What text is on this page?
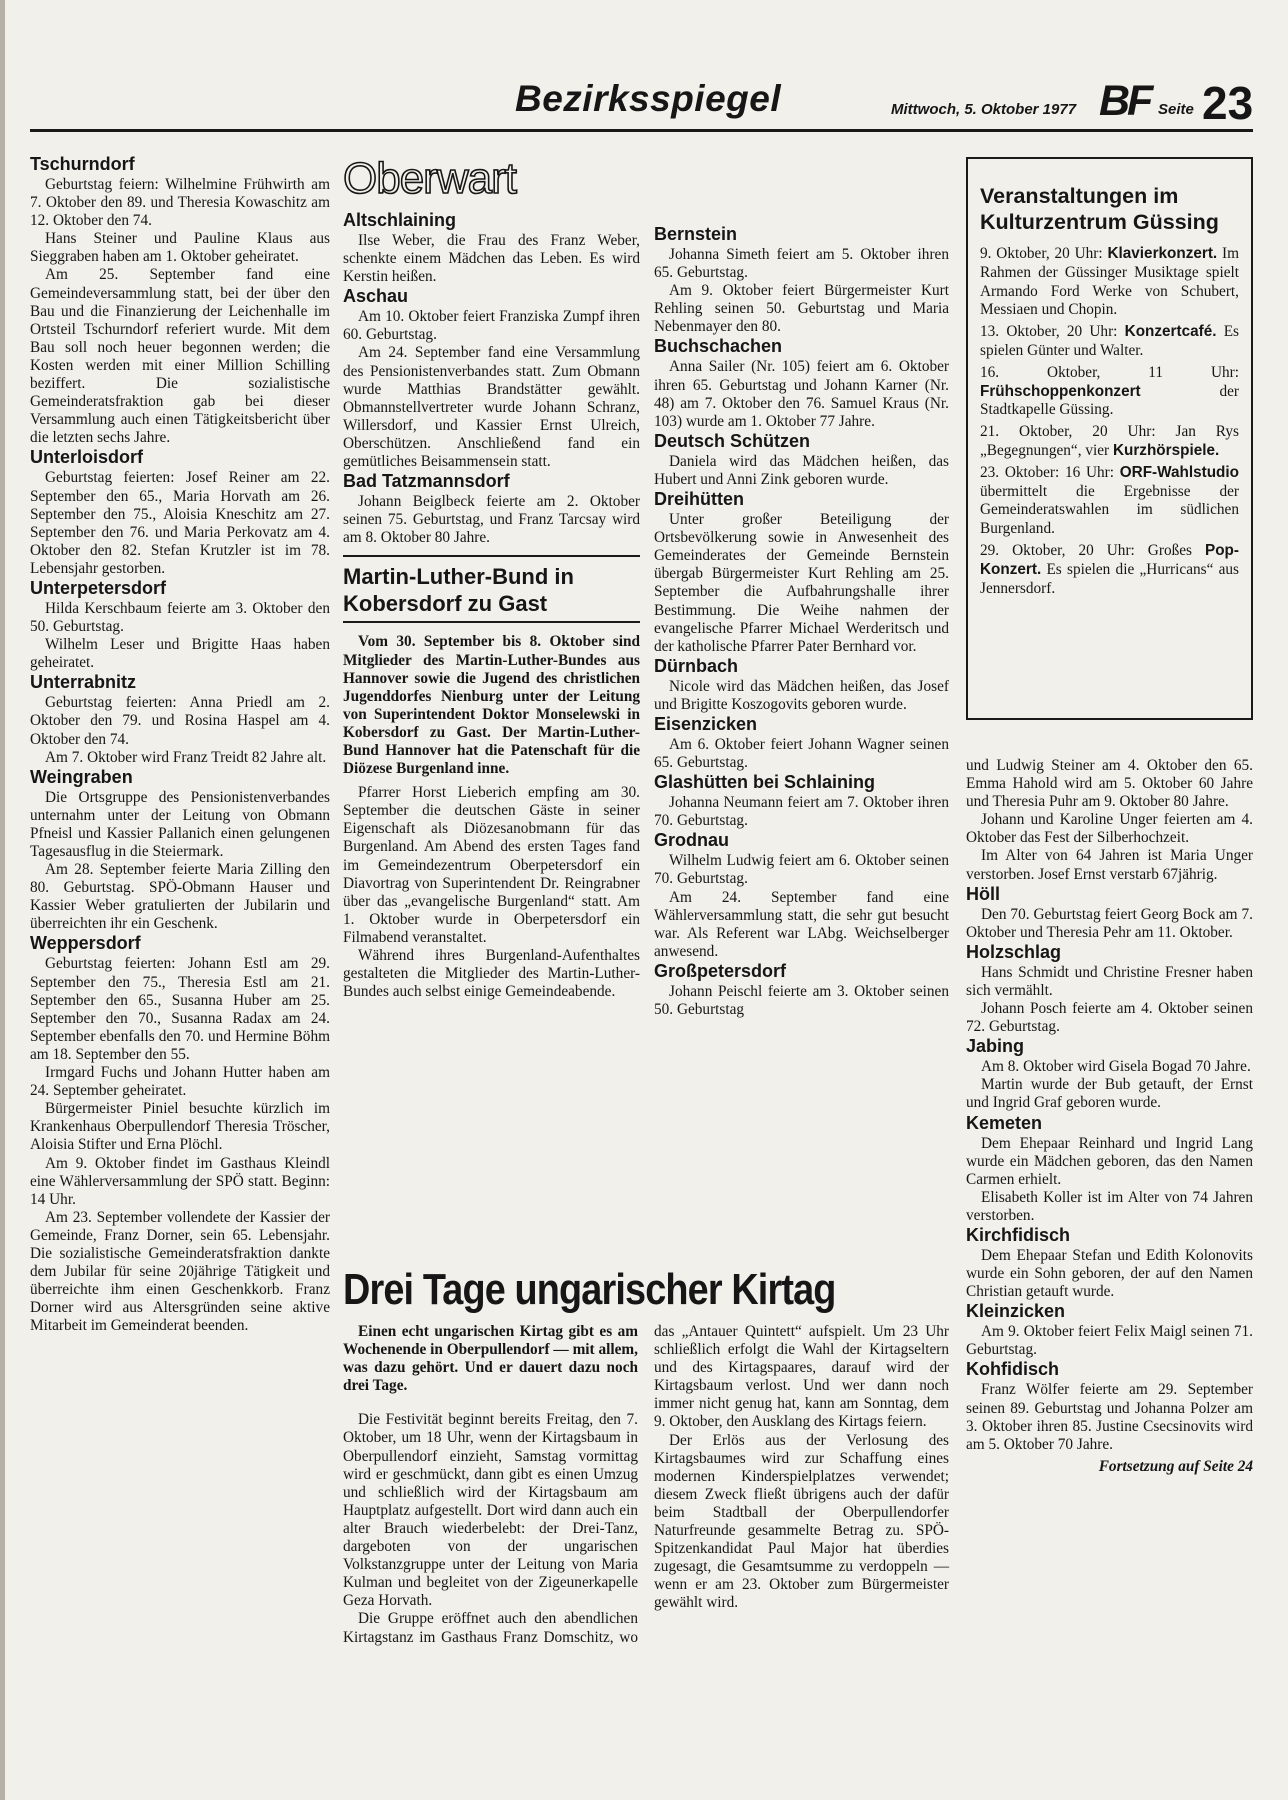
Bezirksspiegel	Mittwoch, 5. Oktober 1977 BF Seite 23
Tschurndorf

Geburtstag feiern: Wilhelmine Frühwirth am 7. Oktober den 89. und Theresia Kowaschitz am 12. Oktober den 74.

Hans Steiner und Pauline Klaus aus Sieggraben haben am 1. Oktober geheiratet.

Am 25. September fand eine Gemeindeversammlung statt, bei der über den Bau und die Finanzierung der Leichenhalle im Ortsteil Tschurndorf referiert wurde. Mit dem Bau soll noch heuer begonnen werden; die Kosten werden mit einer Million Schilling beziffert. Die sozialistische Gemeinderatsfraktion gab bei dieser Versammlung auch einen Tätigkeitsbericht über die letzten sechs Jahre.

Unterloisdorf

Geburtstag feierten: Josef Reiner am 22. September den 65., Maria Horvath am 26. September den 75., Aloisia Kneschitz am 27. September den 76. und Maria Perkovatz am 4. Oktober den 82. Stefan Krutzler ist im 78. Lebensjahr gestorben.

Unterpetersdorf

Hilda Kerschbaum feierte am 3. Oktober den 50. Geburtstag.

Wilhelm Leser und Brigitte Haas haben geheiratet.

Unterrabnitz

Geburtstag feierten: Anna Priedl am 2. Oktober den 79. und Rosina Haspel am 4. Oktober den 74.

Am 7. Oktober wird Franz Treidt 82 Jahre alt.

Weingraben

Die Ortsgruppe des Pensionistenverbandes unternahm unter der Leitung von Obmann Pfneisl und Kassier Pallanich einen gelungenen Tagesausflug in die Steiermark.

Am 28. September feierte Maria Zilling den 80. Geburtstag. SPÖ-Obmann Hauser und Kassier Weber gratulierten der Jubilarin und überreichten ihr ein Geschenk.

Weppersdorf

Geburtstag feierten: Johann Estl am 29. September den 75., Theresia Estl am 21. September den 65., Susanna Huber am 25. September den 70., Susanna Radax am 24. September ebenfalls den 70. und Hermine Böhm am 18. September den 55.

Irmgard Fuchs und Johann Hutter haben am 24. September geheiratet.

Bürgermeister Piniel besuchte kürzlich im Krankenhaus Oberpullendorf Theresia Tröscher, Aloisia Stifter und Erna Plöchl.

Am 9. Oktober findet im Gasthaus Kleindl eine Wählerversammlung der SPÖ statt. Beginn: 14 Uhr.

Am 23. September vollendete der Kassier der Gemeinde, Franz Dorner, sein 65. Lebensjahr. Die sozialistische Gemeinderatsfraktion dankte dem Jubilar für seine 20jährige Tätigkeit und überreichte ihm einen Geschenkkorb. Franz Dorner wird aus Altersgründen seine aktive Mitarbeit im Gemeinderat beenden.

Oberwart
Altschlaining

Ilse Weber, die Frau des Franz Weber, schenkte einem Mädchen das Leben. Es wird Kerstin heißen.

Aschau

Am 10. Oktober feiert Franziska Zumpf ihren 60. Geburtstag.

Am 24. September fand eine Versammlung des Pensionistenverbandes statt. Zum Obmann wurde Matthias Brandstätter gewählt. Obmannstellvertreter wurde Johann Schranz, Willersdorf, und Kassier Ernst Ulreich, Oberschützen. Anschließend fand ein gemütliches Beisammensein statt.

Bad Tatzmannsdorf

Johann Beiglbeck feierte am 2. Oktober seinen 75. Geburtstag, und Franz Tarcsay wird am 8. Oktober 80 Jahre.

Martin-Luther-Bund in Kobersdorf zu Gast

Vom 30. September bis 8. Oktober sind Mitglieder des Martin-Luther-Bundes aus Hannover sowie die Jugend des christlichen Jugenddorfes Nienburg unter der Leitung von Superintendent Doktor Monselewski in Kobersdorf zu Gast. Der Martin-Luther-Bund Hannover hat die Patenschaft für die Diözese Burgenland inne.

Pfarrer Horst Lieberich empfing am 30. September die deutschen Gäste in seiner Eigenschaft als Diözesanobmann für das Burgenland. Am Abend des ersten Tages fand im Gemeindezentrum Oberpetersdorf ein Diavortrag von Superintendent Dr. Reingrabner über das „evangelische Burgenland“ statt. Am 1. Oktober wurde in Oberpetersdorf ein Filmabend veranstaltet.

Während ihres Burgenland-Aufenthaltes gestalteten die Mitglieder des Martin-Luther-Bundes auch selbst einige Gemeindeabende.

Bernstein

Johanna Simeth feiert am 5. Oktober ihren 65. Geburtstag.

Am 9. Oktober feiert Bürgermeister Kurt Rehling seinen 50. Geburtstag und Maria Nebenmayer den 80.

Buchschachen

Anna Sailer (Nr. 105) feiert am 6. Oktober ihren 65. Geburtstag und Johann Karner (Nr. 48) am 7. Oktober den 76. Samuel Kraus (Nr. 103) wurde am 1. Oktober 77 Jahre.

Deutsch Schützen

Daniela wird das Mädchen heißen, das Hubert und Anni Zink geboren wurde.

Dreihütten

Unter großer Beteiligung der Ortsbevölkerung sowie in Anwesenheit des Gemeinderates der Gemeinde Bernstein übergab Bürgermeister Kurt Rehling am 25. September die Aufbahrungshalle ihrer Bestimmung. Die Weihe nahmen der evangelische Pfarrer Michael Werderitsch und der katholische Pfarrer Pater Bernhard vor.

Dürnbach

Nicole wird das Mädchen heißen, das Josef und Brigitte Koszogovits geboren wurde.

Eisenzicken

Am 6. Oktober feiert Johann Wagner seinen 65. Geburtstag.

Glashütten bei Schlaining

Johanna Neumann feiert am 7. Oktober ihren 70. Geburtstag.

Grodnau

Wilhelm Ludwig feiert am 6. Oktober seinen 70. Geburtstag.

Am 24. September fand eine Wählerversammlung statt, die sehr gut besucht war. Als Referent war LAbg. Weichselberger anwesend.

Großpetersdorf

Johann Peischl feierte am 3. Oktober seinen 50. Geburtstag

Drei Tage ungarischer Kirtag

Einen echt ungarischen Kirtag gibt es am Wochenende in Oberpullendorf — mit allem, was dazu gehört. Und er dauert dazu noch drei Tage.

Die Festivität beginnt bereits Freitag, den 7. Oktober, um 18 Uhr, wenn der Kirtagsbaum in Oberpullendorf einzieht, Samstag vormittag wird er geschmückt, dann gibt es einen Umzug und schließlich wird der Kirtagsbaum am Hauptplatz aufgestellt. Dort wird dann auch ein alter Brauch wiederbelebt: der Drei-Tanz, dargeboten von der ungarischen Volkstanzgruppe unter der Leitung von Maria Kulman und begleitet von der Zigeunerkapelle Geza Horvath.

Die Gruppe eröffnet auch den abendlichen Kirtagstanz im Gasthaus Franz Domschitz, wo das „Antauer Quintett“ aufspielt. Um 23 Uhr schließlich erfolgt die Wahl der Kirtagseltern und des Kirtagspaares, darauf wird der Kirtagsbaum verlost. Und wer dann noch immer nicht genug hat, kann am Sonntag, dem 9. Oktober, den Ausklang des Kirtags feiern.

Der Erlös aus der Verlosung des Kirtagsbaumes wird zur Schaffung eines modernen Kinderspielplatzes verwendet; diesem Zweck fließt übrigens auch der dafür beim Stadtball der Oberpullendorfer Naturfreunde gesammelte Betrag zu. SPÖ-Spitzenkandidat Paul Major hat überdies zugesagt, die Gesamtsumme zu verdoppeln — wenn er am 23. Oktober zum Bürgermeister gewählt wird.

Veranstaltungen im Kulturzentrum Güssing

9. Oktober, 20 Uhr: Klavierkonzert. Im Rahmen der Güssinger Musiktage spielt Armando Ford Werke von Schubert, Messiaen und Chopin.

13. Oktober, 20 Uhr: Konzertcafé. Es spielen Günter und Walter.

16. Oktober, 11 Uhr: Frühschoppenkonzert	der Stadtkapelle Güssing.

21. Oktober, 20 Uhr: Jan Rys „Begegnungen“, vier Kurzhörspiele.

23. Oktober: 16 Uhr: ORF-Wahlstudio übermittelt die Ergebnisse der Gemeinderatswahlen im südlichen Burgenland.

29. Oktober, 20 Uhr: Großes Pop-Konzert. Es spielen die „Hurricans“ aus Jennersdorf.

und Ludwig Steiner am 4. Oktober den 65. Emma Hahold wird am 5. Oktober 60 Jahre und Theresia Puhr am 9. Oktober 80 Jahre.

Johann und Karoline Unger feierten am 4. Oktober das Fest der Silberhochzeit.

Im Alter von 64 Jahren ist Maria Unger verstorben. Josef Ernst verstarb 67jährig.

Höll

Den 70. Geburtstag feiert Georg Bock am 7. Oktober und Theresia Pehr am 11. Oktober.

Holzschlag

Hans Schmidt und Christine Fresner haben sich vermählt.

Johann Posch feierte am 4. Oktober seinen 72. Geburtstag.

Jabing

Am 8. Oktober wird Gisela Bogad 70 Jahre.

Martin wurde der Bub getauft, der Ernst und Ingrid Graf geboren wurde.

Kemeten

Dem Ehepaar Reinhard und Ingrid Lang wurde ein Mädchen geboren, das den Namen Carmen erhielt.

Elisabeth Koller ist im Alter von 74 Jahren verstorben.

Kirchfidisch

Dem Ehepaar Stefan und Edith Kolonovits wurde ein Sohn geboren, der auf den Namen Christian getauft wurde.

Kleinzicken

Am 9. Oktober feiert Felix Maigl seinen 71. Geburtstag.

Kohfidisch

Franz Wölfer feierte am 29. September seinen 89. Geburtstag und Johanna Polzer am 3. Oktober ihren 85. Justine Csecsinovits wird am 5. Oktober 70 Jahre.

Fortsetzung auf Seite 24
